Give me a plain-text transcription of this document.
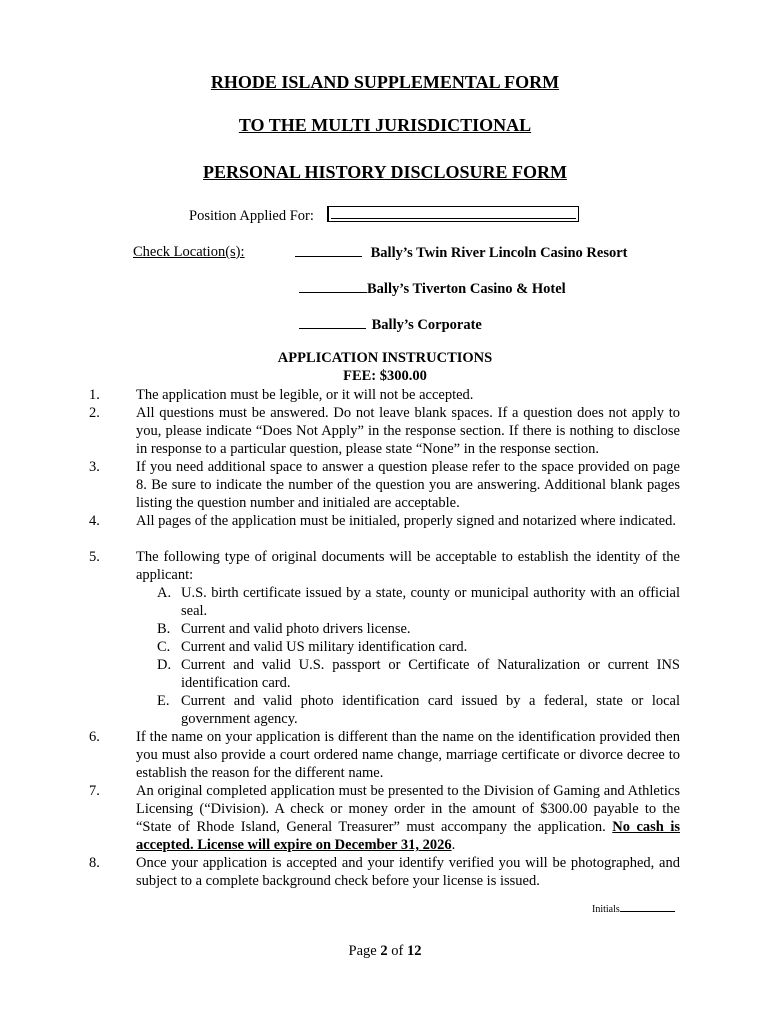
RHODE ISLAND SUPPLEMENTAL FORM
TO THE MULTI JURISDICTIONAL
PERSONAL HISTORY DISCLOSURE FORM
Position Applied For:
Check Location(s):	Bally’s Twin River Lincoln Casino Resort
Bally’s Tiverton Casino & Hotel
Bally’s Corporate
APPLICATION INSTRUCTIONS
FEE: $300.00
1.	The application must be legible, or it will not be accepted.
2.	All questions must be answered. Do not leave blank spaces. If a question does not apply to you, please indicate “Does Not Apply” in the response section. If there is nothing to disclose in response to a particular question, please state “None” in the response section.
3.	If you need additional space to answer a question please refer to the space provided on page 8. Be sure to indicate the number of the question you are answering. Additional blank pages listing the question number and initialed are acceptable.
4.	All pages of the application must be initialed, properly signed and notarized where indicated.
5.	The following type of original documents will be acceptable to establish the identity of the applicant:
A. U.S. birth certificate issued by a state, county or municipal authority with an official seal.
B. Current and valid photo drivers license.
C. Current and valid US military identification card.
D. Current and valid U.S. passport or Certificate of Naturalization or current INS identification card.
E. Current and valid photo identification card issued by a federal, state or local government agency.
6.	If the name on your application is different than the name on the identification provided then you must also provide a court ordered name change, marriage certificate or divorce decree to establish the reason for the different name.
7.	An original completed application must be presented to the Division of Gaming and Athletics Licensing (“Division). A check or money order in the amount of $300.00 payable to the “State of Rhode Island, General Treasurer” must accompany the application. No cash is accepted. License will expire on December 31, 2026.
8.	Once your application is accepted and your identify verified you will be photographed, and subject to a complete background check before your license is issued.
Initials
Page 2 of 12
